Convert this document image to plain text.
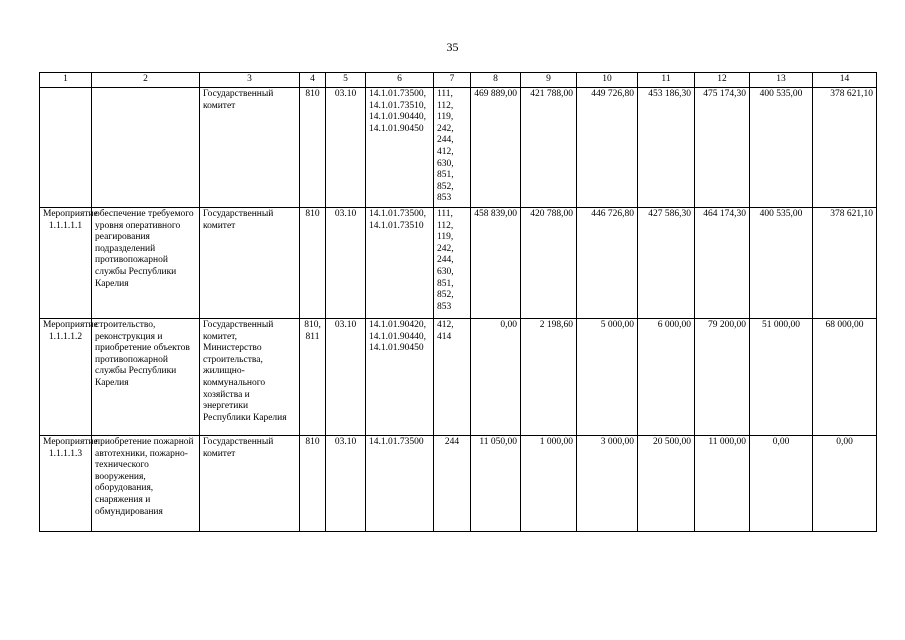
35
1	2	3	4	5	6	7	8	9	10	11	12	13	14
		Государственный комитет	810	03.10	14.1.01.73500, 14.1.01.73510, 14.1.01.90440, 14.1.01.90450	111, 112, 119, 242, 244, 412, 630, 851, 852, 853	469 889,00	421 788,00	449 726,80	453 186,30	475 174,30	400 535,00	378 621,10
Мероприятие 1.1.1.1.1	обеспечение требуемого уровня оперативного реагирования подразделений противопожарной службы Республики Карелия	Государственный комитет	810	03.10	14.1.01.73500, 14.1.01.73510	111, 112, 119, 242, 244, 630, 851, 852, 853	458 839,00	420 788,00	446 726,80	427 586,30	464 174,30	400 535,00	378 621,10
Мероприятие 1.1.1.1.2	строительство, реконструкция и приобретение объектов противопожарной службы Республики Карелия	Государственный комитет, Министерство строительства, жилищно-коммунального хозяйства и энергетики Республики Карелия	810, 811	03.10	14.1.01.90420, 14.1.01.90440, 14.1.01.90450	412, 414	0,00	2 198,60	5 000,00	6 000,00	79 200,00	51 000,00	68 000,00
Мероприятие 1.1.1.1.3	приобретение пожарной автотехники, пожарно-технического вооружения, оборудования, снаряжения и обмундирования	Государственный комитет	810	03.10	14.1.01.73500	244	11 050,00	1 000,00	3 000,00	20 500,00	11 000,00	0,00	0,00
